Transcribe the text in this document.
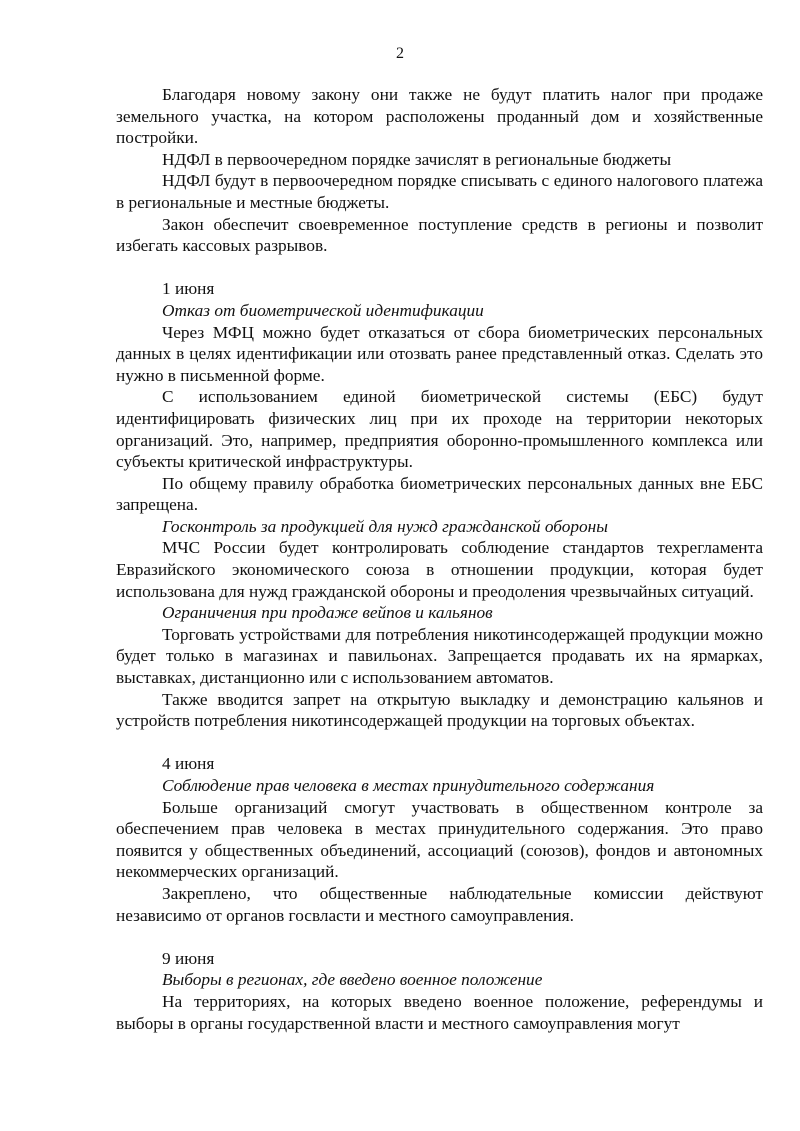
2

Благодаря новому закону они также не будут платить налог при продаже земельного участка, на котором расположены проданный дом и хозяйственные постройки.

НДФЛ в первоочередном порядке зачислят в региональные бюджеты

НДФЛ будут в первоочередном порядке списывать с единого налогового платежа в региональные и местные бюджеты.

Закон обеспечит своевременное поступление средств в регионы и позволит избегать кассовых разрывов.

1 июня

Отказ от биометрической идентификации

Через МФЦ можно будет отказаться от сбора биометрических персональных данных в целях идентификации или отозвать ранее представленный отказ. Сделать это нужно в письменной форме.

С использованием единой биометрической системы (ЕБС) будут идентифицировать физических лиц при их проходе на территории некоторых организаций. Это, например, предприятия оборонно-промышленного комплекса или субъекты критической инфраструктуры.

По общему правилу обработка биометрических персональных данных вне ЕБС запрещена.

Госконтроль за продукцией для нужд гражданской обороны

МЧС России будет контролировать соблюдение стандартов техрегламента Евразийского экономического союза в отношении продукции, которая будет использована для нужд гражданской обороны и преодоления чрезвычайных ситуаций.

Ограничения при продаже вейпов и кальянов

Торговать устройствами для потребления никотинсодержащей продукции можно будет только в магазинах и павильонах. Запрещается продавать их на ярмарках, выставках, дистанционно или с использованием автоматов.

Также вводится запрет на открытую выкладку и демонстрацию кальянов и устройств потребления никотинсодержащей продукции на торговых объектах.

4 июня

Соблюдение прав человека в местах принудительного содержания

Больше организаций смогут участвовать в общественном контроле за обеспечением прав человека в местах принудительного содержания. Это право появится у общественных объединений, ассоциаций (союзов), фондов и автономных некоммерческих организаций.

Закреплено, что общественные наблюдательные комиссии действуют независимо от органов госвласти и местного самоуправления.

9 июня

Выборы в регионах, где введено военное положение

На территориях, на которых введено военное положение, референдумы и выборы в органы государственной власти и местного самоуправления могут
